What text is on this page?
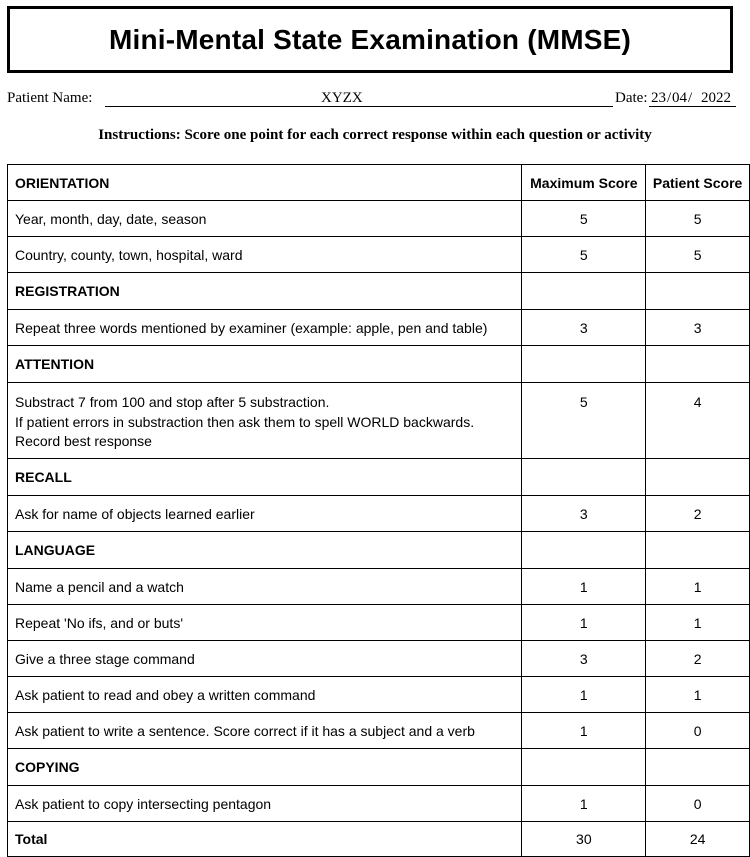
Mini-Mental State Examination (MMSE)
Patient Name:	XYZX	Date: 23 / 04 / 2022
Instructions: Score one point for each correct response within each question or activity
ORIENTATION	Maximum Score	Patient Score
Year, month, day, date, season	5	5
Country, county, town, hospital, ward	5	5
REGISTRATION		
Repeat three words mentioned by examiner (example: apple, pen and table)	3	3
ATTENTION		

Substract 7 from 100 and stop after 5 substraction.
If patient errors in substraction then ask them to spell WORLD backwards.
Record best response	5	4
RECALL		
Ask for name of objects learned earlier	3	2
LANGUAGE		
Name a pencil and a watch	1	1
Repeat 'No ifs, and or buts'	1	1
Give a three stage command	3	2
Ask patient to read and obey a written command	1	1
Ask patient to write a sentence. Score correct if it has a subject and a verb	1	0
COPYING		
Ask patient to copy intersecting pentagon	1	0
Total	30	24
